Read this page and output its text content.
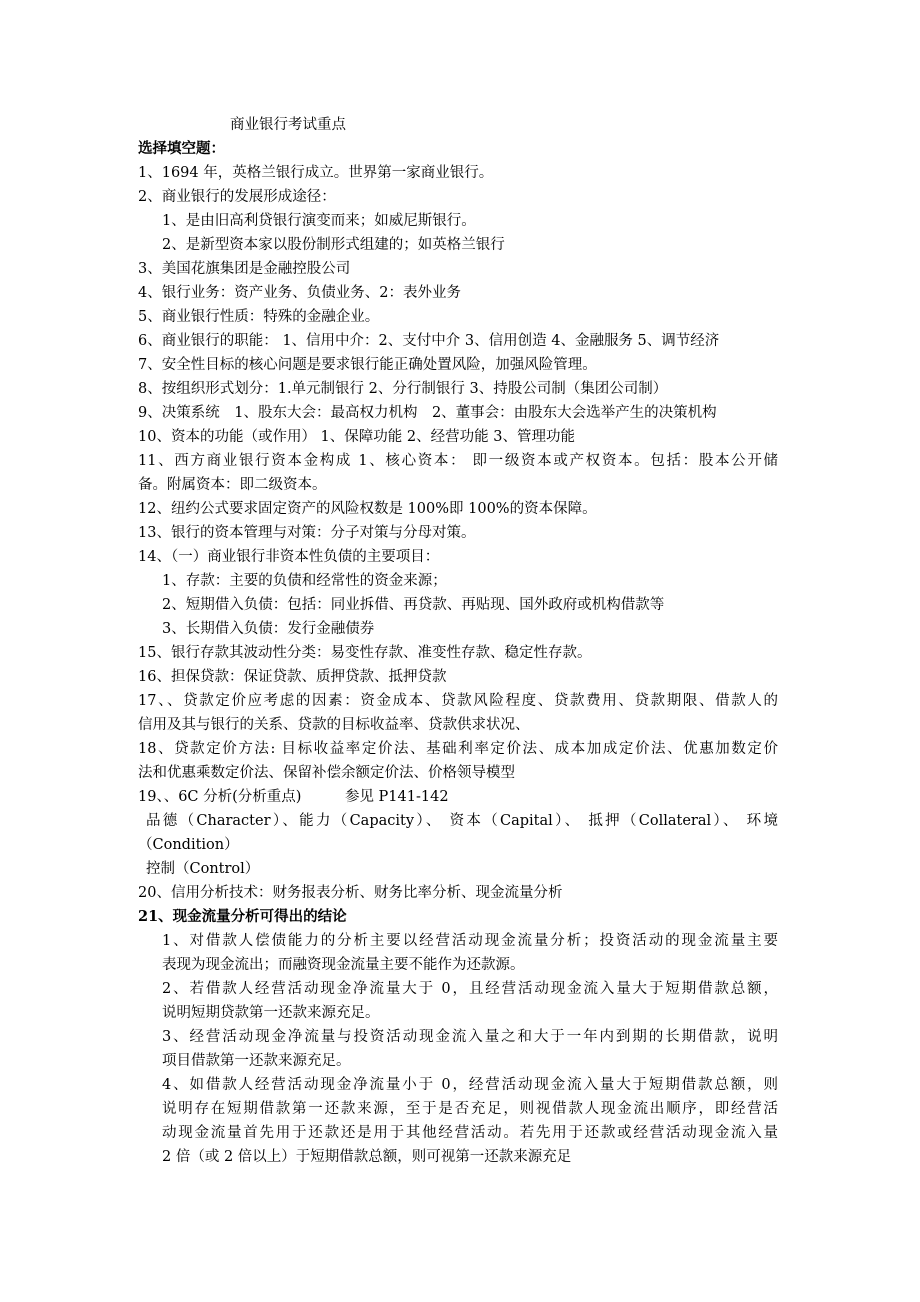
商业银行考试重点
选择填空题：
1、1694 年，英格兰银行成立。世界第一家商业银行。
2、商业银行的发展形成途径：
1、是由旧高利贷银行演变而来；如威尼斯银行。
2、是新型资本家以股份制形式组建的；如英格兰银行
3、美国花旗集团是金融控股公司
4、银行业务：资产业务、负债业务、2：表外业务
5、商业银行性质：特殊的金融企业。
6、商业银行的职能： 1、信用中介：2、支付中介 3、信用创造 4、金融服务 5、调节经济
7、安全性目标的核心问题是要求银行能正确处置风险，加强风险管理。
8、按组织形式划分：1.单元制银行 2、分行制银行 3、持股公司制（集团公司制）
9、决策系统　1、股东大会：最高权力机构　2、董事会：由股东大会选举产生的决策机构
10、资本的功能（或作用） 1、保障功能 2、经营功能 3、管理功能
11、西方商业银行资本金构成 1、核心资本： 即一级资本或产权资本。包括：股本公开储
备。附属资本：即二级资本。
12、纽约公式要求固定资产的风险权数是 100%即 100%的资本保障。
13、银行的资本管理与对策：分子对策与分母对策。
14、（一）商业银行非资本性负债的主要项目：
1、存款：主要的负债和经常性的资金来源；
2、短期借入负债：包括：同业拆借、再贷款、再贴现、国外政府或机构借款等
3、长期借入负债：发行金融债券
15、银行存款其波动性分类：易变性存款、准变性存款、稳定性存款。
16、担保贷款：保证贷款、质押贷款、抵押贷款
17、、贷款定价应考虑的因素：资金成本、贷款风险程度、贷款费用、贷款期限、借款人的
信用及其与银行的关系、贷款的目标收益率、贷款供求状况、
18、贷款定价方法: 目标收益率定价法、基础利率定价法、成本加成定价法、优惠加数定价
法和优惠乘数定价法、保留补偿余额定价法、价格领导模型
19、、6C 分析(分析重点)　　　参见 P141-142
品德（Character）、能力（Capacity）、 资本（Capital）、 抵押（Collateral）、 环境
（Condition）
控制（Control）
20、信用分析技术：财务报表分析、财务比率分析、现金流量分析
21、现金流量分析可得出的结论
1、对借款人偿债能力的分析主要以经营活动现金流量分析；投资活动的现金流量主要
表现为现金流出；而融资现金流量主要不能作为还款源。
2、若借款人经营活动现金净流量大于 0，且经营活动现金流入量大于短期借款总额，
说明短期贷款第一还款来源充足。
3、经营活动现金净流量与投资活动现金流入量之和大于一年内到期的长期借款，说明
项目借款第一还款来源充足。
4、如借款人经营活动现金净流量小于 0，经营活动现金流入量大于短期借款总额，则
说明存在短期借款第一还款来源，至于是否充足，则视借款人现金流出顺序，即经营活
动现金流量首先用于还款还是用于其他经营活动。若先用于还款或经营活动现金流入量
2 倍（或 2 倍以上）于短期借款总额，则可视第一还款来源充足
